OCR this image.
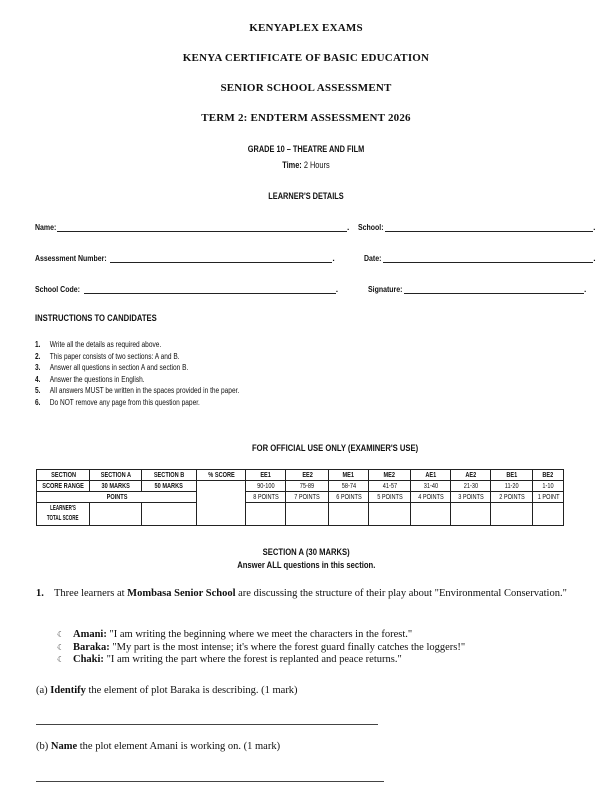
KENYAPLEX EXAMS
KENYA CERTIFICATE OF BASIC EDUCATION
SENIOR SCHOOL ASSESSMENT
TERM 2: ENDTERM ASSESSMENT 2026
GRADE 10 – THEATRE AND FILM
Time: 2 Hours
LEARNER'S DETAILS
Name:	. School:	.
Assessment Number:	.	Date:	.
School Code:	.	Signature:	.
INSTRUCTIONS TO CANDIDATES
1. Write all the details as required above.
2. This paper consists of two sections: A and B.
3. Answer all questions in section A and section B.
4. Answer the questions in English.
5. All answers MUST be written in the spaces provided in the paper.
6. Do NOT remove any page from this question paper.
FOR OFFICIAL USE ONLY (EXAMINER'S USE)
SECTION	SECTION A	SECTION B	% SCORE	EE1	EE2	ME1	ME2	AE1	AE2	BE1	BE2
SCORE RANGE	30 MARKS	50 MARKS		90-100	75-89	58-74	41-57	31-40	21-30	11-20	1-10
POINTS				8 POINTS	7 POINTS	6 POINTS	5 POINTS	4 POINTS	3 POINTS	2 POINTS	1 POINT
LEARNER'S
TOTAL SCORE											
SECTION A (30 MARKS)
Answer ALL questions in this section.
1. Three learners at Mombasa Senior School are discussing the structure of their play about "Environmental Conservation."
☾ Amani: "I am writing the beginning where we meet the characters in the forest."
☾ Baraka: "My part is the most intense; it's where the forest guard finally catches the loggers!"
☾ Chaki: "I am writing the part where the forest is replanted and peace returns."
(a) Identify the element of plot Baraka is describing. (1 mark)
(b) Name the plot element Amani is working on. (1 mark)
